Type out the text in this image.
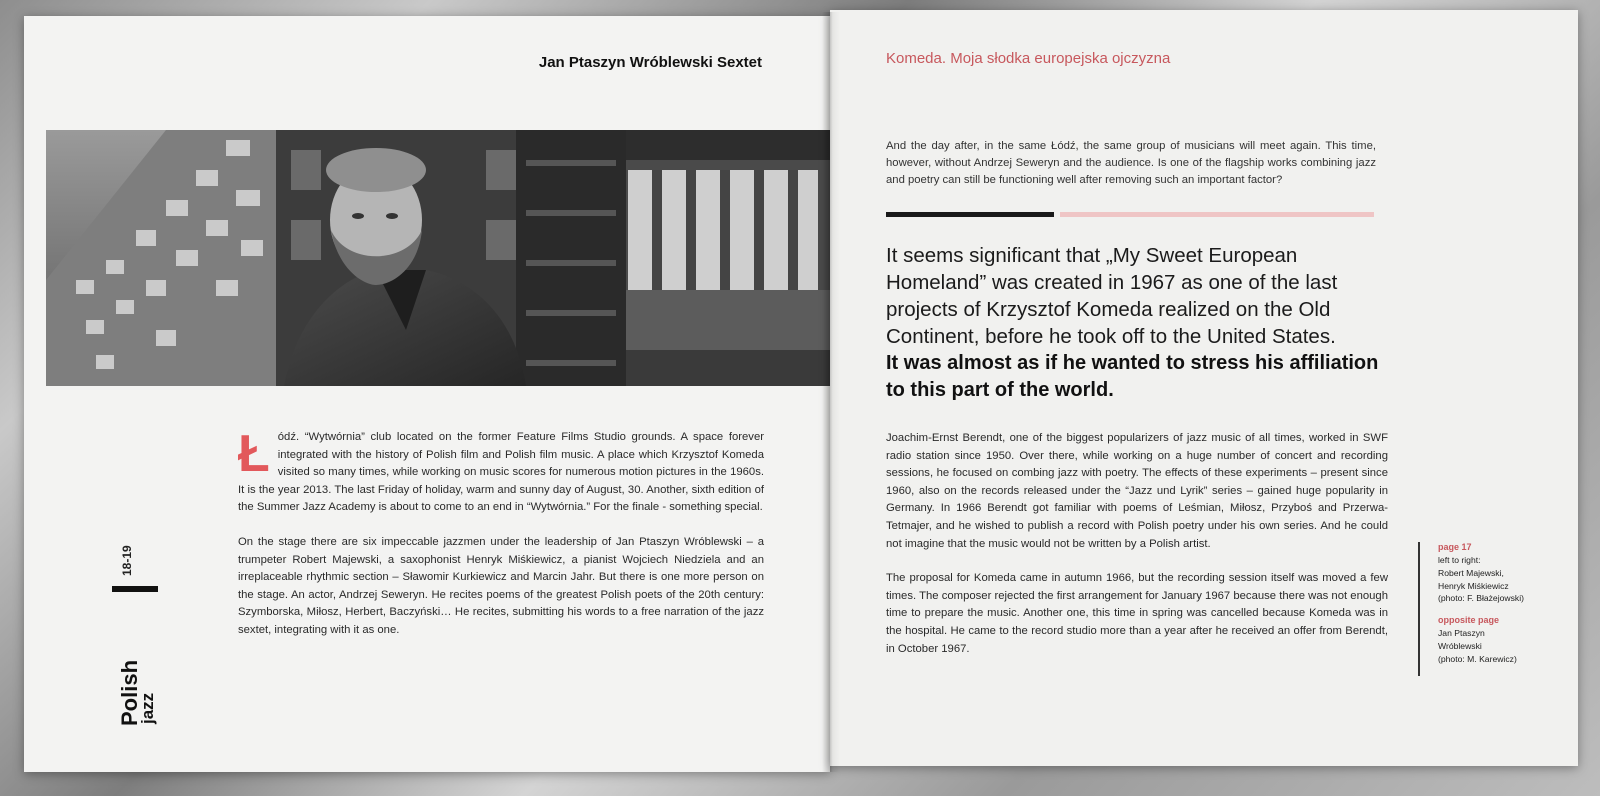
Jan Ptaszyn Wróblewski Sextet
18-19
Polish
jazz

Łódź. “Wytwórnia” club located on the former Feature Films Studio grounds. A space forever integrated with the history of Polish film and Polish film music. A place which Krzysztof Komeda visited so many times, while working on music scores for numerous motion pictures in the 1960s. It is the year 2013. The last Friday of holiday, warm and sunny day of August, 30. Another, sixth edition of the Summer Jazz Academy is about to come to an end in “Wytwórnia.” For the finale - something special.

On the stage there are six impeccable jazzmen under the leadership of Jan Ptaszyn Wróblewski – a trumpeter Robert Majewski, a saxophonist Henryk Miśkiewicz, a pianist Wojciech Niedziela and an irreplaceable rhythmic section – Sławomir Kurkiewicz and Marcin Jahr. But there is one more person on the stage. An actor, Andrzej Seweryn. He recites poems of the greatest Polish poets of the 20th century: Szymborska, Miłosz, Herbert, Baczyński… He recites, submitting his words to a free narration of the jazz sextet, integrating with it as one.

Komeda. Moja słodka europejska ojczyzna

And the day after, in the same Łódź, the same group of musicians will meet again. This time, however, without Andrzej Seweryn and the audience. Is one of the flagship works combining jazz and poetry can still be functioning well after removing such an important factor?

It seems significant that „My Sweet European Homeland” was created in 1967 as one of the last projects of Krzysztof Komeda realized on the Old Continent, before he took off to the United States.
It was almost as if he wanted to stress his affiliation to this part of the world.

Joachim-Ernst Berendt, one of the biggest popularizers of jazz music of all times, worked in SWF radio station since 1950. Over there, while working on a huge number of concert and recording sessions, he focused on combing jazz with poetry. The effects of these experiments – present since 1960, also on the records released under the “Jazz und Lyrik” series – gained huge popularity in Germany. In 1966 Berendt got familiar with poems of Leśmian, Miłosz, Przyboś and Przerwa-Tetmajer, and he wished to publish a record with Polish poetry under his own series. And he could not imagine that the music would not be written by a Polish artist.

The proposal for Komeda came in autumn 1966, but the recording session itself was moved a few times. The composer rejected the first arrangement for January 1967 because there was not enough time to prepare the music. Another one, this time in spring was cancelled because Komeda was in the hospital. He came to the record studio more than a year after he received an offer from Berendt, in October 1967.

page 17
left to right:
Robert Majewski,
Henryk Miśkiewicz
(photo: F. Błażejowski)
opposite page
Jan Ptaszyn
Wróblewski
(photo: M. Karewicz)
